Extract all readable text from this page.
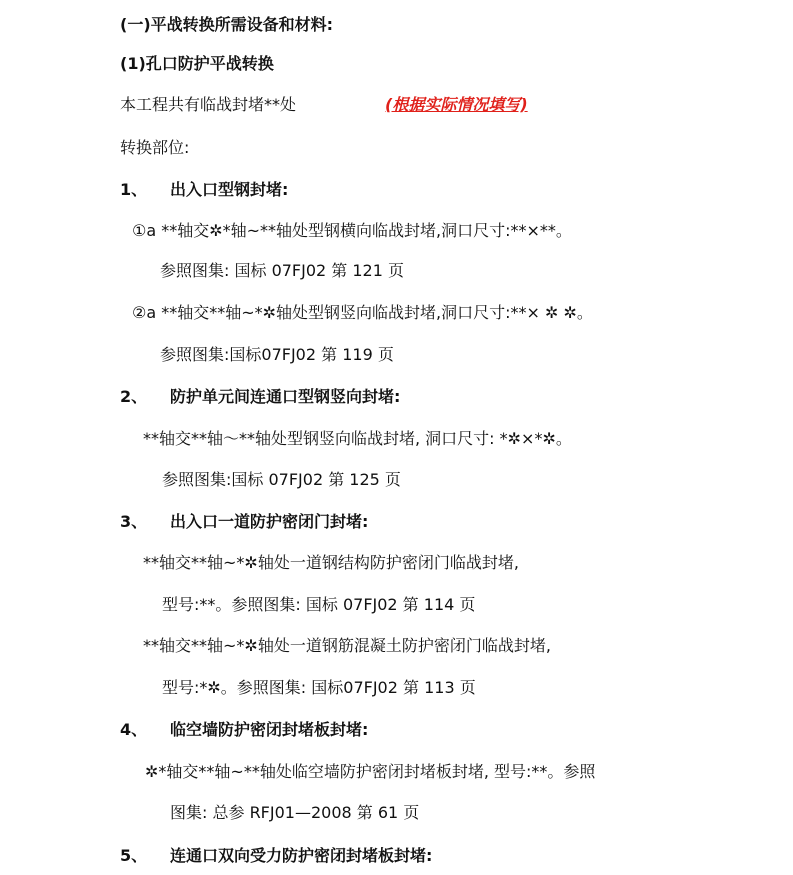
(一)平战转换所需设备和材料:
(1)孔口防护平战转换
本工程共有临战封堵**处	(根据实际情况填写)
转换部位:
1、 出入口型钢封堵:
①a **轴交✲*轴~**轴处型钢横向临战封堵,洞口尺寸:**×**。
参照图集: 国标 07FJ02 第 121 页
②a **轴交**轴~*✲轴处型钢竖向临战封堵,洞口尺寸:**× ✲ ✲。
参照图集:国标07FJ02 第 119 页
2、 防护单元间连通口型钢竖向封堵:
**轴交**轴～**轴处型钢竖向临战封堵, 洞口尺寸: *✲×*✲。
参照图集:国标 07FJ02 第 125 页
3、 出入口一道防护密闭门封堵:
**轴交**轴~*✲轴处一道钢结构防护密闭门临战封堵,
型号:**。参照图集: 国标 07FJ02 第 114 页
**轴交**轴~*✲轴处一道钢筋混凝土防护密闭门临战封堵,
型号:*✲。参照图集: 国标07FJ02 第 113 页
4、 临空墙防护密闭封堵板封堵:
✲*轴交**轴~**轴处临空墙防护密闭封堵板封堵, 型号:**。参照
图集: 总参 RFJ01—2008 第 61 页
5、 连通口双向受力防护密闭封堵板封堵:
